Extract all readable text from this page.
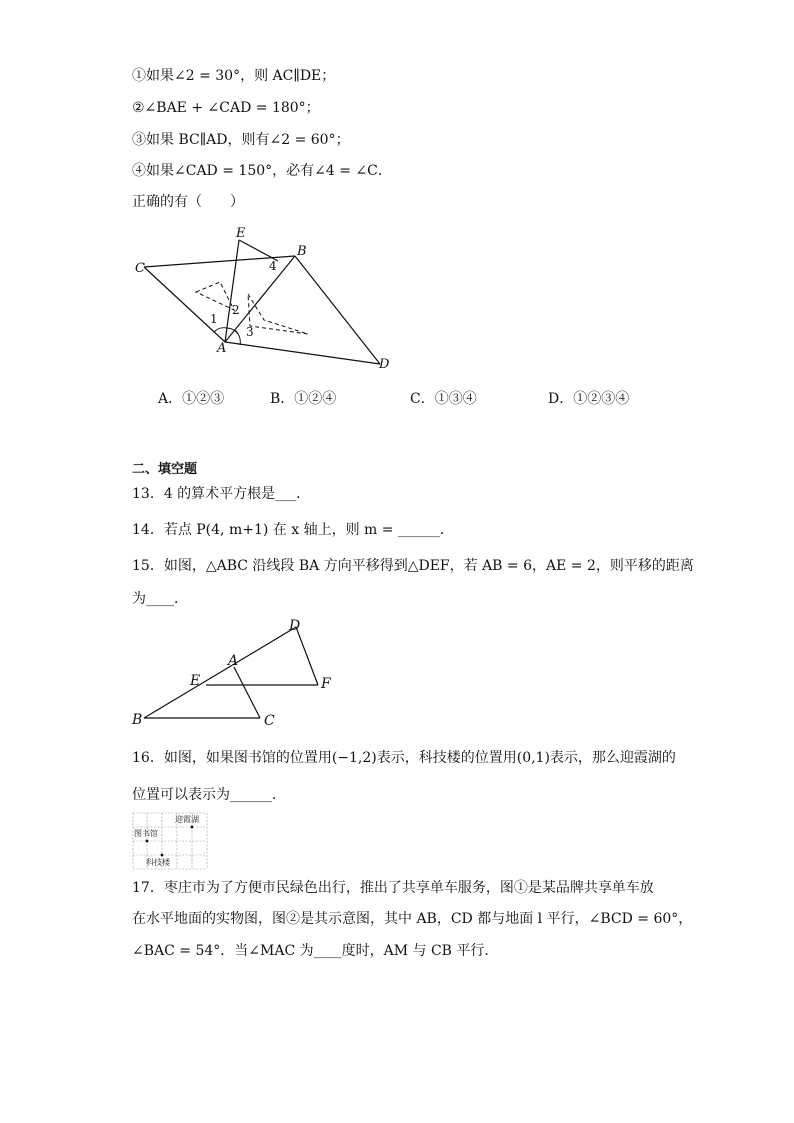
①如果∠2 = 30°，则 AC∥DE；
②∠BAE + ∠CAD = 180°；
③如果 BC∥AD，则有∠2 = 60°；
④如果∠CAD = 150°，必有∠4 = ∠C．
正确的有（　　）
E
B
C
A
D
1
2
3
4
A．①②③	B．①②④	C．①③④	D．①②③④
二、填空题
13．4 的算术平方根是___．
14．若点 P(4, m+1) 在 x 轴上，则 m = ______．
15．如图，△ABC 沿线段 BA 方向平移得到△DEF，若 AB = 6，AE = 2，则平移的距离
为____．
D
A
E	F
B	C
16．如图，如果图书馆的位置用(−1,2)表示，科技楼的位置用(0,1)表示，那么迎霞湖的
位置可以表示为______．
迎霞湖
图书馆
科技楼
17．枣庄市为了方便市民绿色出行，推出了共享单车服务，图①是某品牌共享单车放
在水平地面的实物图，图②是其示意图，其中 AB，CD 都与地面 l 平行，∠BCD = 60°，
∠BAC = 54°．当∠MAC 为____度时，AM 与 CB 平行．
